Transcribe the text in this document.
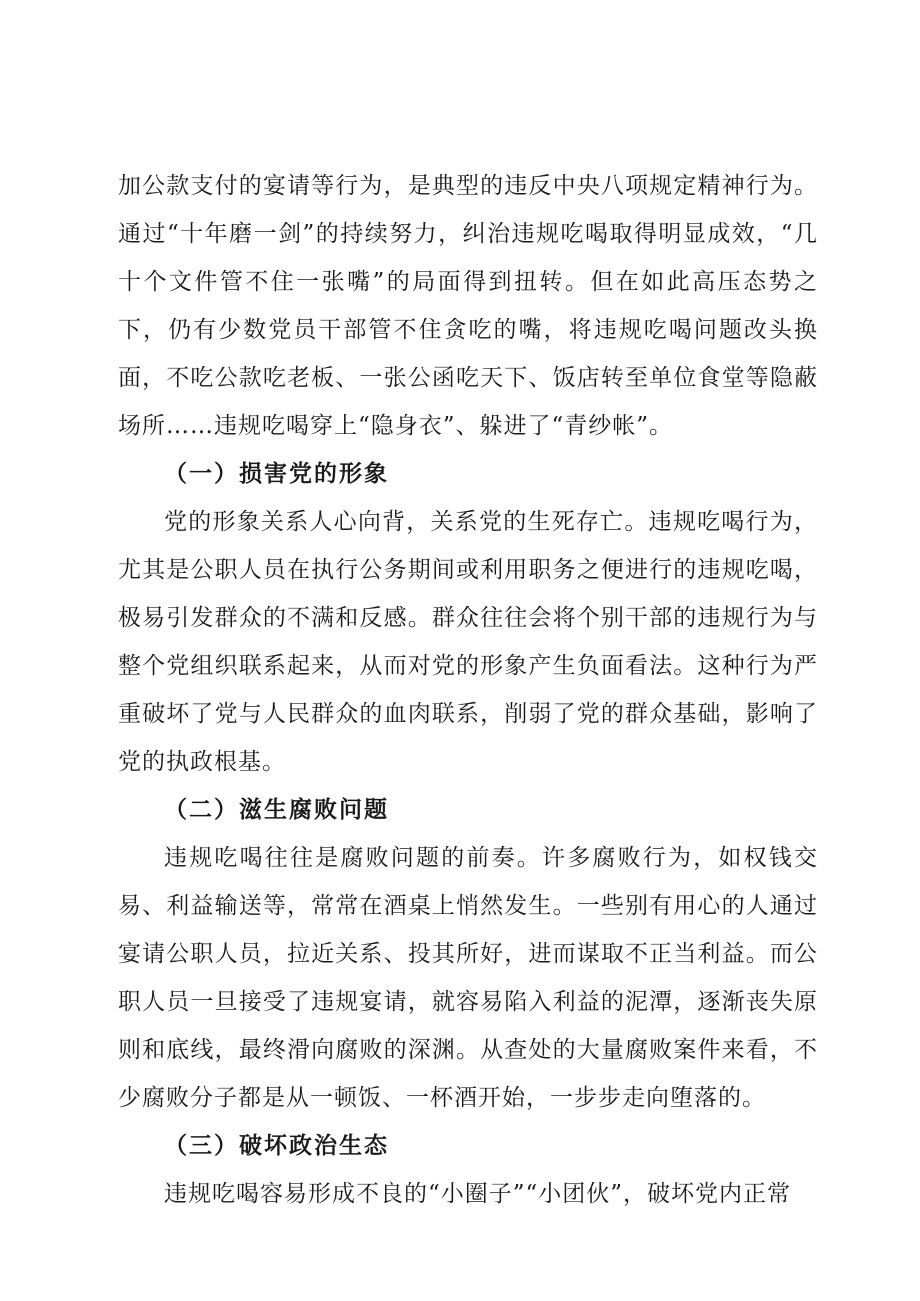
加公款支付的宴请等行为，是典型的违反中央八项规定精神行为。通过“十年磨一剑”的持续努力，纠治违规吃喝取得明显成效，“几十个文件管不住一张嘴”的局面得到扭转。但在如此高压态势之下，仍有少数党员干部管不住贪吃的嘴，将违规吃喝问题改头换面，不吃公款吃老板、一张公函吃天下、饭店转至单位食堂等隐蔽场所……违规吃喝穿上“隐身衣”、躲进了“青纱帐”。

（一）损害党的形象

党的形象关系人心向背，关系党的生死存亡。违规吃喝行为，尤其是公职人员在执行公务期间或利用职务之便进行的违规吃喝，极易引发群众的不满和反感。群众往往会将个别干部的违规行为与整个党组织联系起来，从而对党的形象产生负面看法。这种行为严重破坏了党与人民群众的血肉联系，削弱了党的群众基础，影响了党的执政根基。

（二）滋生腐败问题

违规吃喝往往是腐败问题的前奏。许多腐败行为，如权钱交易、利益输送等，常常在酒桌上悄然发生。一些别有用心的人通过宴请公职人员，拉近关系、投其所好，进而谋取不正当利益。而公职人员一旦接受了违规宴请，就容易陷入利益的泥潭，逐渐丧失原则和底线，最终滑向腐败的深渊。从查处的大量腐败案件来看，不少腐败分子都是从一顿饭、一杯酒开始，一步步走向堕落的。

（三）破坏政治生态

违规吃喝容易形成不良的“小圈子”“小团伙”，破坏党内正常
